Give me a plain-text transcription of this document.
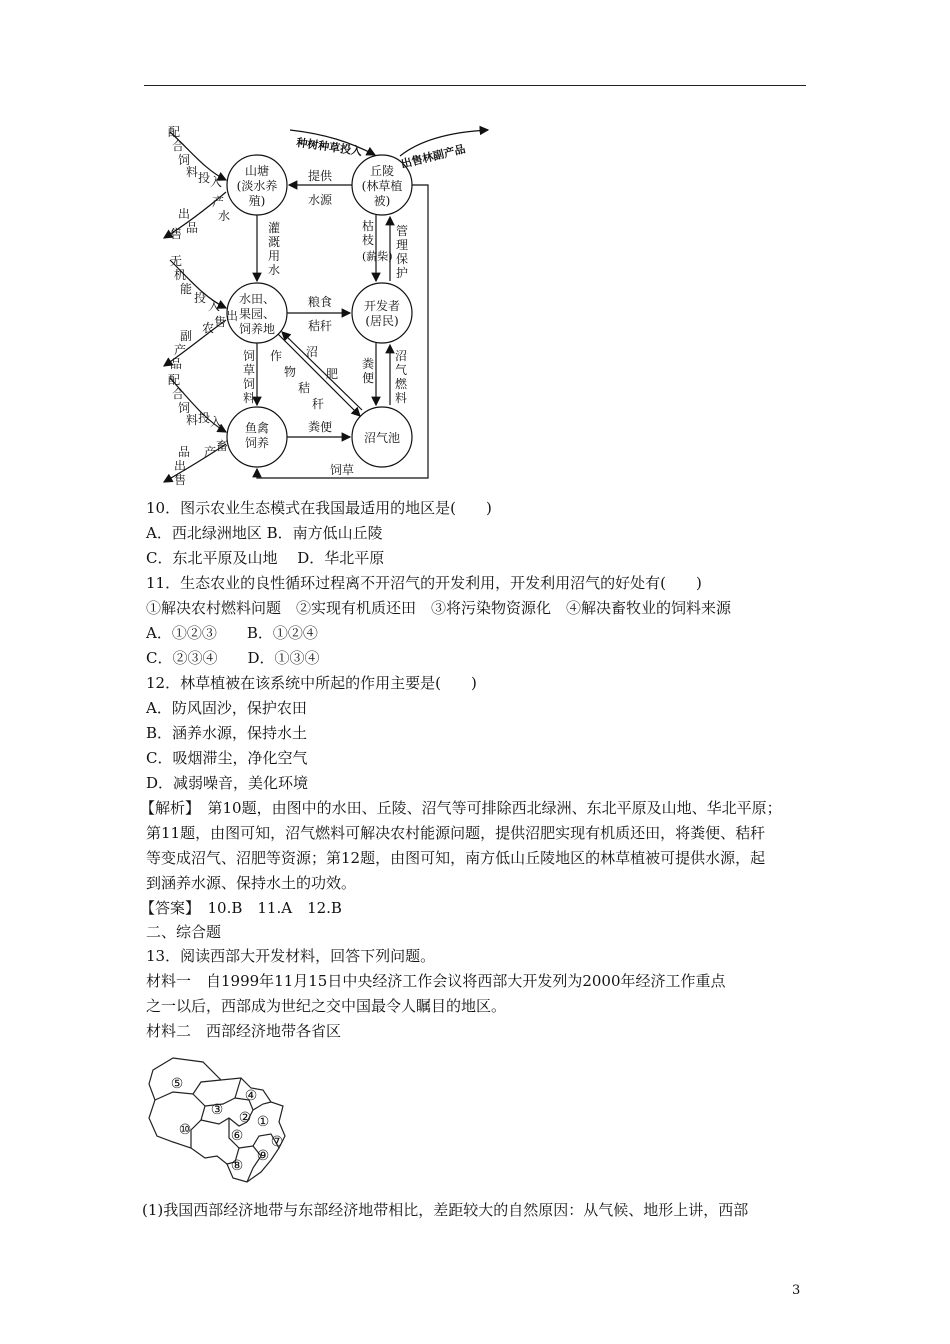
山塘
(淡水养
殖)
丘陵
(林草植
被)
水田、
果园、
饲养地
开发者
(居民)
鱼禽
饲养	沼气池
提供
水源
灌
溉
用
水
枯
枝
(薪柴)
管
理
保
护
粮食
秸秆
饲
草
饲
料
作
物
秸
秆
沼
肥
粪
便
沼
气
燃
料
粪便
饲草
配
合
饲
料 投 入
产
水
出
品
售
无
机
能
投
入
农 售 出
副
产
品
配
合
饲
料 投 入
产 畜
品
出
售
种树种草投入	出售林副产品
10．图示农业生态模式在我国最适用的地区是(　　)
A．西北绿洲地区 B．南方低山丘陵
C．东北平原及山地　 D．华北平原
11．生态农业的良性循环过程离不开沼气的开发利用，开发利用沼气的好处有(　　)
①解决农村燃料问题　②实现有机质还田　③将污染物资源化　④解决畜牧业的饲料来源
A．①②③　　B．①②④
C．②③④　　D．①③④
12．林草植被在该系统中所起的作用主要是(　　)
A．防风固沙，保护农田
B．涵养水源，保持水土
C．吸烟滞尘，净化空气
D．减弱噪音，美化环境
【解析】　第10题，由图中的水田、丘陵、沼气等可排除西北绿洲、东北平原及山地、华北平原；
第11题，由图可知，沼气燃料可解决农村能源问题，提供沼肥实现有机质还田，将粪便、秸秆
等变成沼气、沼肥等资源；第12题，由图可知，南方低山丘陵地区的林草植被可提供水源，起
到涵养水源、保持水土的功效。
【答案】　10.B　11.A　12.B
二、综合题
13．阅读西部大开发材料，回答下列问题。
材料一　自1999年11月15日中央经济工作会议将西部大开发列为2000年经济工作重点
之一以后，西部成为世纪之交中国最令人瞩目的地区。
材料二　西部经济地带各省区
⑤
④
③ ② ①
⑩	⑥ ⑦
⑨
⑧
(1)我国西部经济地带与东部经济地带相比，差距较大的自然原因：从气候、地形上讲，西部
3
